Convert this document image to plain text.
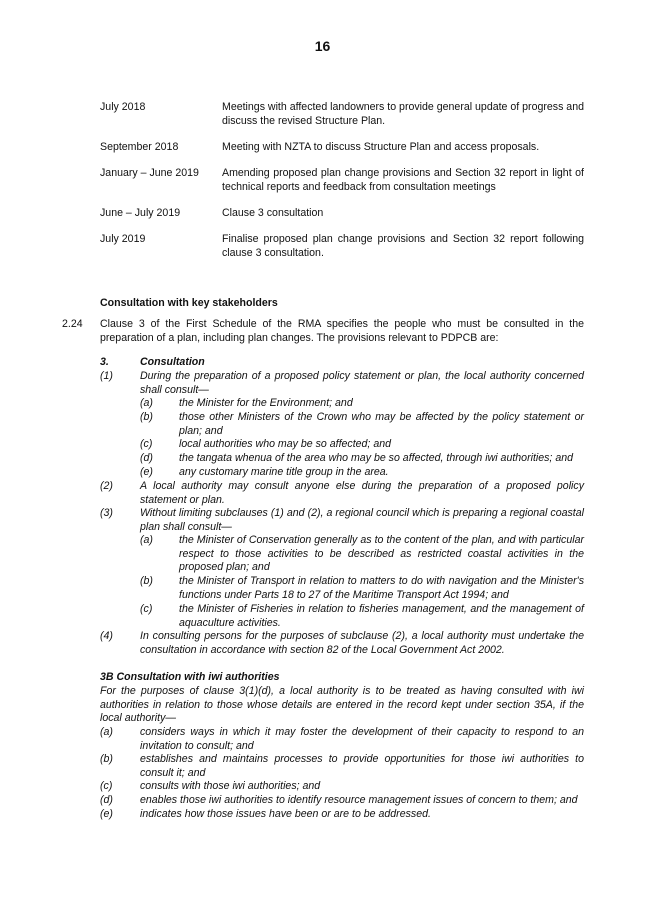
16
July 2018	Meetings with affected landowners to provide general update of progress and discuss the revised Structure Plan.
September 2018	Meeting with NZTA to discuss Structure Plan and access proposals.
January – June 2019 Amending proposed plan change provisions and Section 32 report in light of technical reports and feedback from consultation meetings
June – July 2019	Clause 3 consultation
July 2019	Finalise proposed plan change provisions and Section 32 report following clause 3 consultation.
Consultation with key stakeholders
2.24 Clause 3 of the First Schedule of the RMA specifies the people who must be consulted in the preparation of a plan, including plan changes. The provisions relevant to PDPCB are:
3.	Consultation
(1)	During the preparation of a proposed policy statement or plan, the local authority concerned shall consult—
(a) the Minister for the Environment; and
(b) those other Ministers of the Crown who may be affected by the policy statement or plan; and
(c)	local authorities who may be so affected; and
(d) the tangata whenua of the area who may be so affected, through iwi authorities; and
(e) any customary marine title group in the area.
(2)	A local authority may consult anyone else during the preparation of a proposed policy statement or plan.
(3)	Without limiting subclauses (1) and (2), a regional council which is preparing a regional coastal plan shall consult—
(a) the Minister of Conservation generally as to the content of the plan, and with particular respect to those activities to be described as restricted coastal activities in the proposed plan; and
(b) the Minister of Transport in relation to matters to do with navigation and the Minister's functions under Parts 18 to 27 of the Maritime Transport Act 1994; and
(c)	the Minister of Fisheries in relation to fisheries management, and the management of aquaculture activities.
(4)	In consulting persons for the purposes of subclause (2), a local authority must undertake the consultation in accordance with section 82 of the Local Government Act 2002.
3B Consultation with iwi authorities
For the purposes of clause 3(1)(d), a local authority is to be treated as having consulted with iwi authorities in relation to those whose details are entered in the record kept under section 35A, if the local authority—
(a)	considers ways in which it may foster the development of their capacity to respond to an invitation to consult; and
(b)	establishes and maintains processes to provide opportunities for those iwi authorities to consult it; and
(c)	consults with those iwi authorities; and
(d)	enables those iwi authorities to identify resource management issues of concern to them; and
(e)	indicates how those issues have been or are to be addressed.
